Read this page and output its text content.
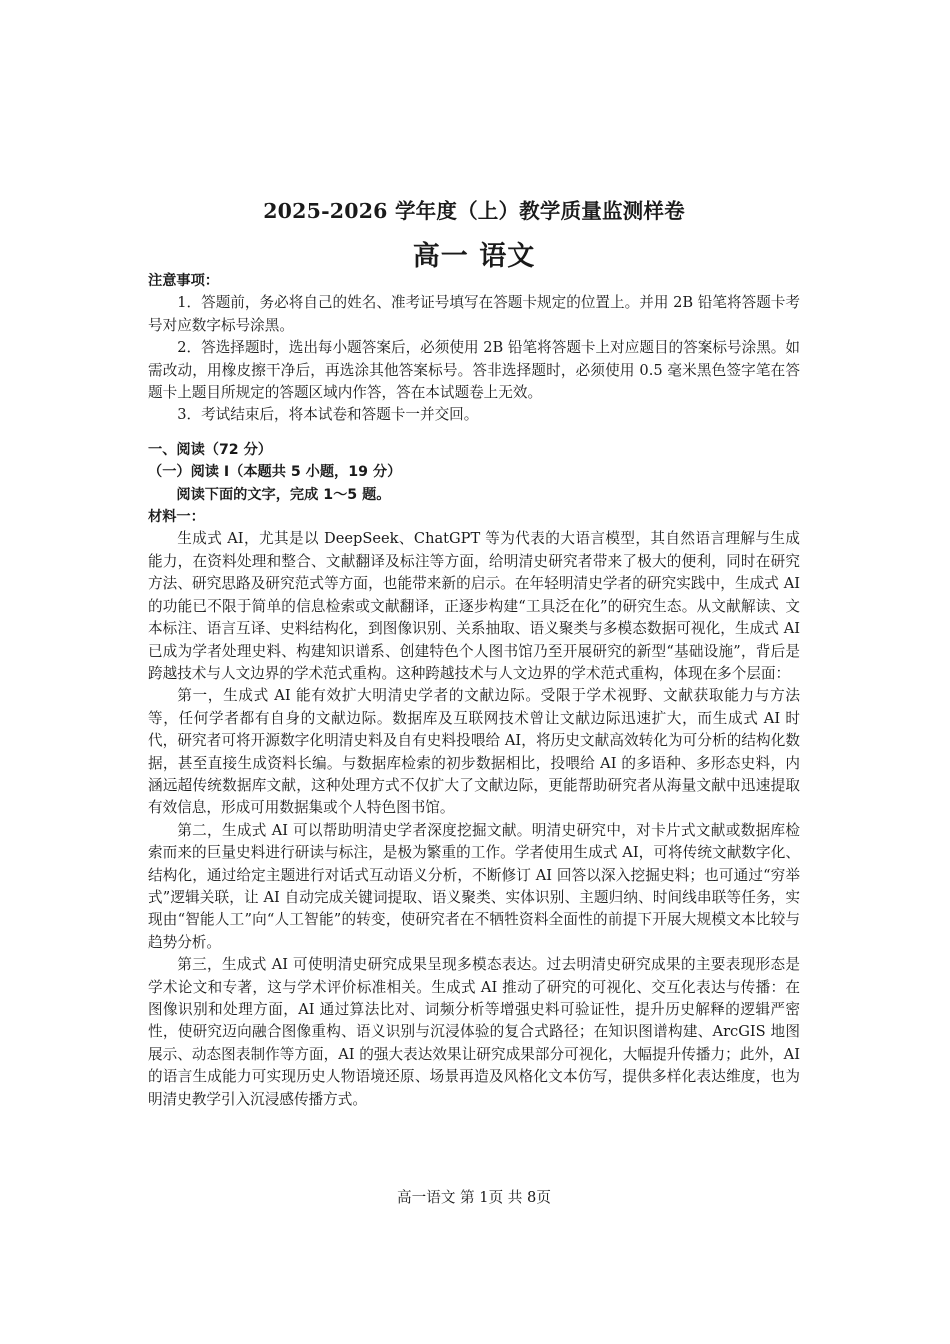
2025-2026 学年度（上）教学质量监测样卷
高一 语文
注意事项：

1．答题前，务必将自己的姓名、准考证号填写在答题卡规定的位置上。并用 2B 铅笔将答题卡考号对应数字标号涂黑。

2．答选择题时，选出每小题答案后，必须使用 2B 铅笔将答题卡上对应题目的答案标号涂黑。如需改动，用橡皮擦干净后，再选涂其他答案标号。答非选择题时，必须使用 0.5 毫米黑色签字笔在答题卡上题目所规定的答题区域内作答，答在本试题卷上无效。

3．考试结束后，将本试卷和答题卡一并交回。

一、阅读（72 分）
（一）阅读 I（本题共 5 小题，19 分）
阅读下面的文字，完成 1～5 题。
材料一：

生成式 AI，尤其是以 DeepSeek、ChatGPT 等为代表的大语言模型，其自然语言理解与生成能力，在资料处理和整合、文献翻译及标注等方面，给明清史研究者带来了极大的便利，同时在研究方法、研究思路及研究范式等方面，也能带来新的启示。在年轻明清史学者的研究实践中，生成式 AI 的功能已不限于简单的信息检索或文献翻译，正逐步构建“工具泛在化”的研究生态。从文献解读、文本标注、语言互译、史料结构化，到图像识别、关系抽取、语义聚类与多模态数据可视化，生成式 AI 已成为学者处理史料、构建知识谱系、创建特色个人图书馆乃至开展研究的新型“基础设施”，背后是跨越技术与人文边界的学术范式重构。这种跨越技术与人文边界的学术范式重构，体现在多个层面：

第一，生成式 AI 能有效扩大明清史学者的文献边际。受限于学术视野、文献获取能力与方法等，任何学者都有自身的文献边际。数据库及互联网技术曾让文献边际迅速扩大，而生成式 AI 时代，研究者可将开源数字化明清史料及自有史料投喂给 AI，将历史文献高效转化为可分析的结构化数据，甚至直接生成资料长编。与数据库检索的初步数据相比，投喂给 AI 的多语种、多形态史料，内涵远超传统数据库文献，这种处理方式不仅扩大了文献边际，更能帮助研究者从海量文献中迅速提取有效信息，形成可用数据集或个人特色图书馆。

第二，生成式 AI 可以帮助明清史学者深度挖掘文献。明清史研究中，对卡片式文献或数据库检索而来的巨量史料进行研读与标注，是极为繁重的工作。学者使用生成式 AI，可将传统文献数字化、结构化，通过给定主题进行对话式互动语义分析，不断修订 AI 回答以深入挖掘史料；也可通过“穷举式”逻辑关联，让 AI 自动完成关键词提取、语义聚类、实体识别、主题归纳、时间线串联等任务，实现由“智能人工”向“人工智能”的转变，使研究者在不牺牲资料全面性的前提下开展大规模文本比较与趋势分析。

第三，生成式 AI 可使明清史研究成果呈现多模态表达。过去明清史研究成果的主要表现形态是学术论文和专著，这与学术评价标准相关。生成式 AI 推动了研究的可视化、交互化表达与传播：在图像识别和处理方面，AI 通过算法比对、词频分析等增强史料可验证性，提升历史解释的逻辑严密性，使研究迈向融合图像重构、语义识别与沉浸体验的复合式路径；在知识图谱构建、ArcGIS 地图展示、动态图表制作等方面，AI 的强大表达效果让研究成果部分可视化，大幅提升传播力；此外，AI 的语言生成能力可实现历史人物语境还原、场景再造及风格化文本仿写，提供多样化表达维度，也为明清史教学引入沉浸感传播方式。

高一语文 第 1页 共 8页
